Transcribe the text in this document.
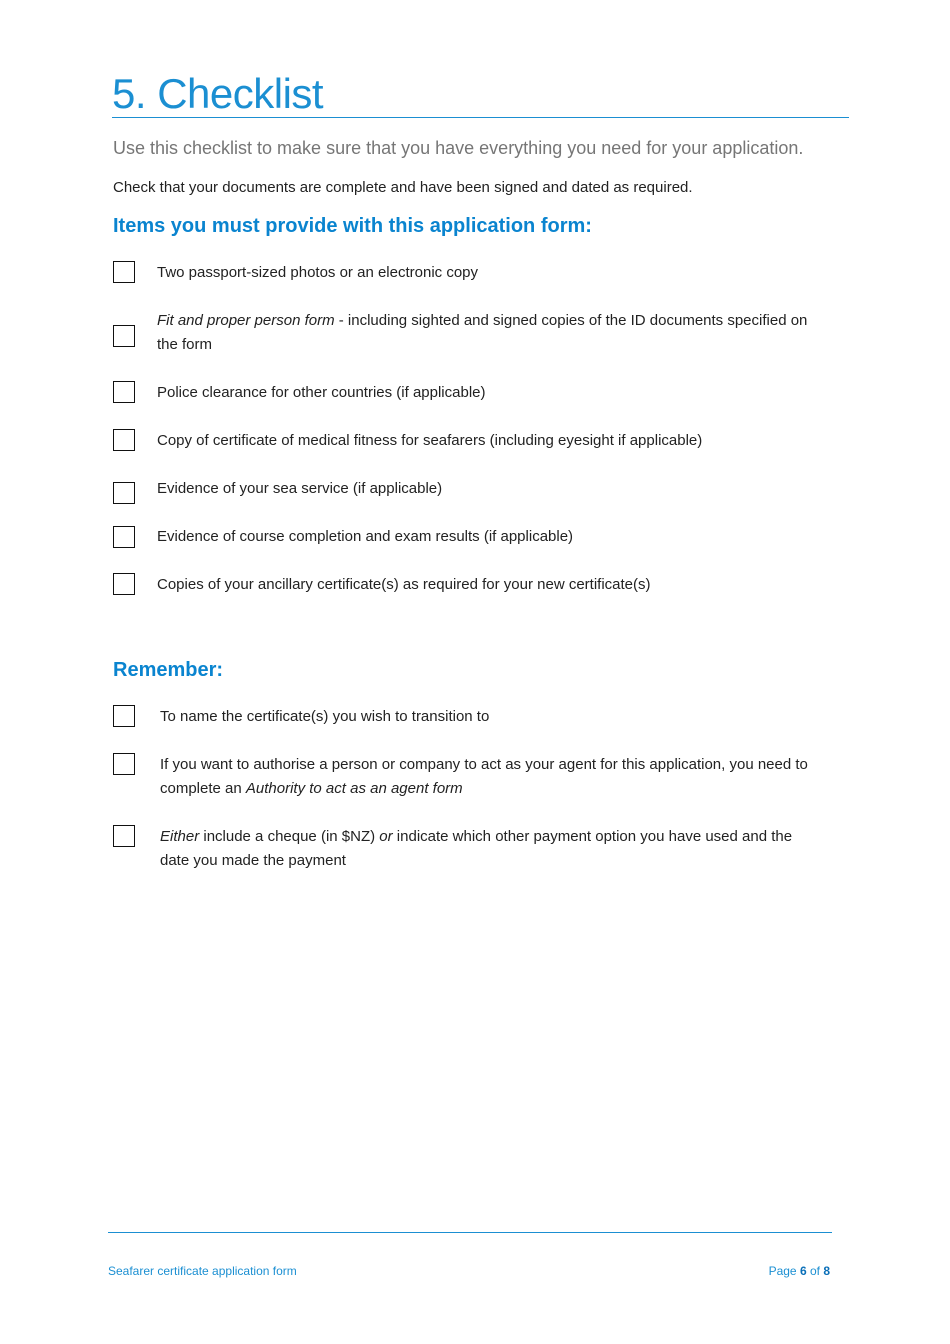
5. Checklist

Use this checklist to make sure that you have everything you need for your application.

Check that your documents are complete and have been signed and dated as required.

Items you must provide with this application form:

Two passport-sized photos or an electronic copy

Fit and proper person form - including sighted and signed copies of the ID documents specified on the form

Police clearance for other countries (if applicable)

Copy of certificate of medical fitness for seafarers (including eyesight if applicable)

Evidence of your sea service (if applicable)

Evidence of course completion and exam results (if applicable)

Copies of your ancillary certificate(s) as required for your new certificate(s)

Remember:

To name the certificate(s) you wish to transition to

If you want to authorise a person or company to act as your agent for this application, you need to complete an Authority to act as an agent form

Either include a cheque (in $NZ) or indicate which other payment option you have used and the date you made the payment

Seafarer certificate application form	Page 6 of 8
